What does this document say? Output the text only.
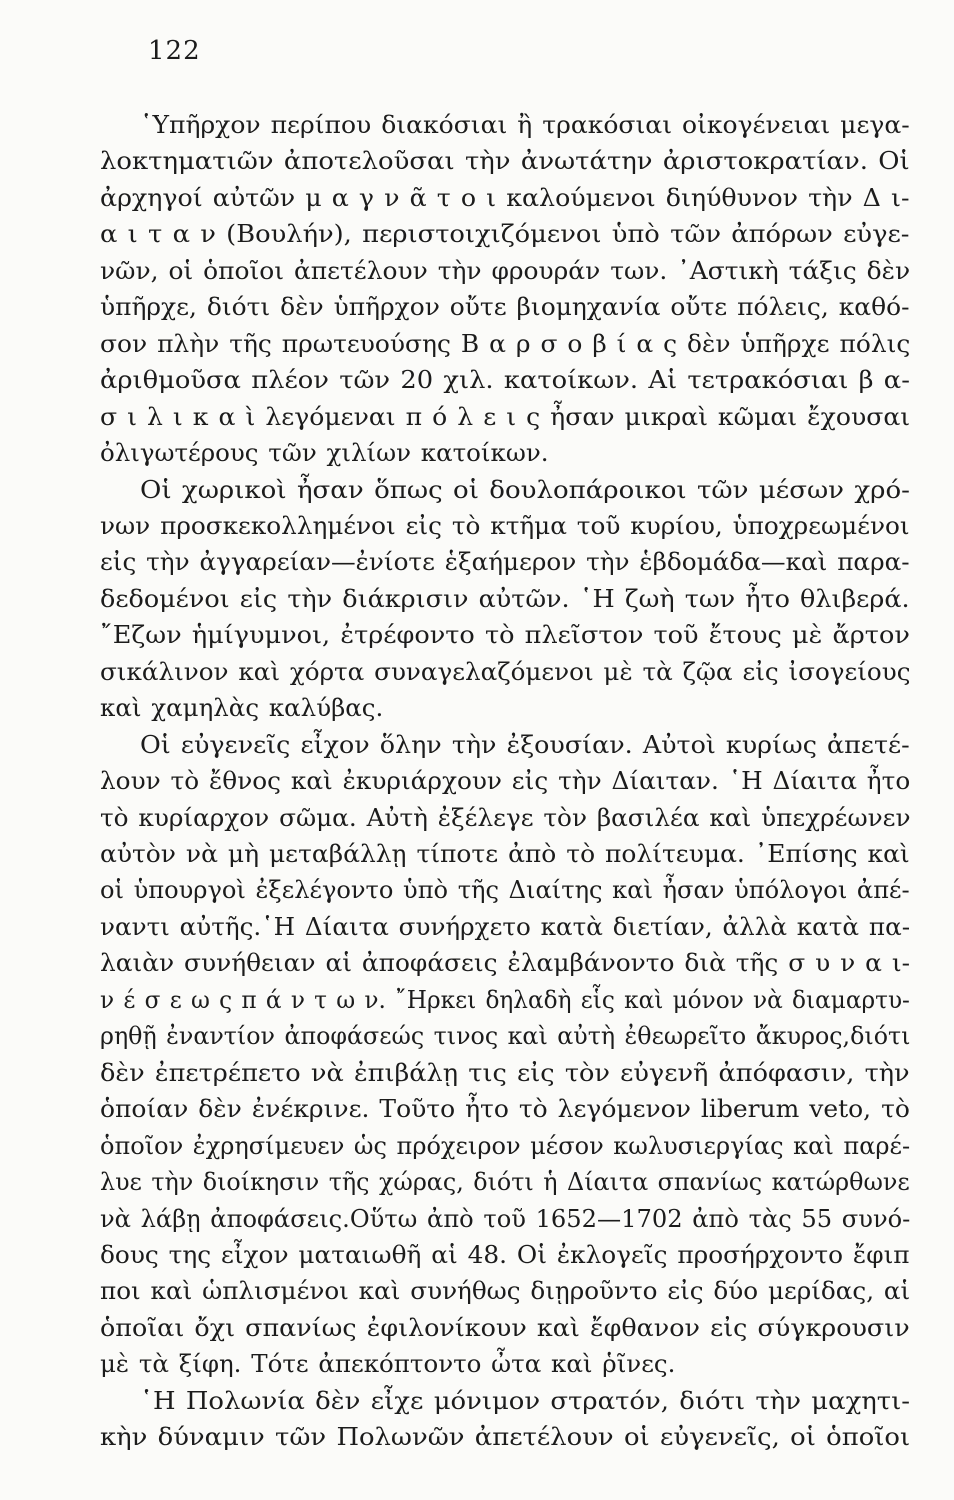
122
῾Υπῆρχον περίπου διακόσιαι ἢ τρακόσιαι οἰκογένειαι μεγα-
λοκτηματιῶν ἀποτελοῦσαι τὴν ἀνωτάτην ἀριστοκρατίαν. Οἱ
ἀρχηγοί αὐτῶν μ α γ ν ᾶ τ ο ι καλούμενοι διηύθυνον τὴν Δ ι-
α ι τ α ν (Βουλήν), περιστοιχιζόμενοι ὑπὸ τῶν ἀπόρων εὐγε-
νῶν, οἱ ὁποῖοι ἀπετέλουν τὴν φρουράν των. ᾿Αστικὴ τάξις δὲν
ὑπῆρχε, διότι δὲν ὑπῆρχον οὔτε βιομηχανία οὔτε πόλεις, καθό-
σον πλὴν τῆς πρωτευούσης Β α ρ σ ο β ί α ς δὲν ὑπῆρχε πόλις
ἀριθμοῦσα πλέον τῶν 20 χιλ. κατοίκων. Αἱ τετρακόσιαι β α-
σ ι λ ι κ α ὶ λεγόμεναι π ό λ ε ι ς ἦσαν μικραὶ κῶμαι ἔχουσαι
ὀλιγωτέρους τῶν χιλίων κατοίκων.
Οἱ χωρικοὶ ἦσαν ὅπως οἱ δουλοπάροικοι τῶν μέσων χρό-
νων προσκεκολλημένοι εἰς τὸ κτῆμα τοῦ κυρίου, ὑποχρεωμένοι
εἰς τὴν ἀγγαρείαν—ἐνίοτε ἑξαήμερον τὴν ἑβδομάδα—καὶ παρα-
δεδομένοι εἰς τὴν διάκρισιν αὐτῶν. ῾Η ζωὴ των ἦτο θλιβερά.
῎Εζων ἡμίγυμνοι, ἐτρέφοντο τὸ πλεῖστον τοῦ ἔτους μὲ ἄρτον
σικάλινον καὶ χόρτα συναγελαζόμενοι μὲ τὰ ζῷα εἰς ἰσογείους
καὶ χαμηλὰς καλύβας.
Οἱ εὐγενεῖς εἶχον ὅλην τὴν ἐξουσίαν. Αὐτοὶ κυρίως ἀπετέ-
λουν τὸ ἔθνος καὶ ἐκυριάρχουν εἰς τὴν Δίαιταν. ῾Η Δίαιτα ἦτο
τὸ κυρίαρχον σῶμα. Αὐτὴ ἐξέλεγε τὸν βασιλέα καὶ ὑπεχρέωνεν
αὐτὸν νὰ μὴ μεταβάλλῃ τίποτε ἀπὸ τὸ πολίτευμα. ᾿Επίσης καὶ
οἱ ὑπουργοὶ ἐξελέγοντο ὑπὸ τῆς Διαίτης καὶ ἦσαν ὑπόλογοι ἀπέ-
ναντι αὐτῆς.῾Η Δίαιτα συνήρχετο κατὰ διετίαν, ἀλλὰ κατὰ πα-
λαιὰν συνήθειαν αἱ ἀποφάσεις ἐλαμβάνοντο διὰ τῆς σ υ ν α ι-
ν έ σ ε ω ς π ά ν τ ω ν. ῎Ηρκει δηλαδὴ εἷς καὶ μόνον νὰ διαμαρτυ-
ρηθῇ ἐναντίον ἀποφάσεώς τινος καὶ αὐτὴ ἐθεωρεῖτο ἄκυρος,διότι
δὲν ἐπετρέπετο νὰ ἐπιβάλῃ τις εἰς τὸν εὐγενῆ ἀπόφασιν, τὴν
ὁποίαν δὲν ἐνέκρινε. Τοῦτο ἦτο τὸ λεγόμενον liberum veto, τὸ
ὁποῖον ἐχρησίμευεν ὡς πρόχειρον μέσον κωλυσιεργίας καὶ παρέ-
λυε τὴν διοίκησιν τῆς χώρας, διότι ἡ Δίαιτα σπανίως κατώρθωνε
νὰ λάβῃ ἀποφάσεις.Οὕτω ἀπὸ τοῦ 1652—1702 ἀπὸ τὰς 55 συνό-
δους της εἶχον ματαιωθῆ αἱ 48. Οἱ ἐκλογεῖς προσήρχοντο ἔφιπ
ποι καὶ ὡπλισμένοι καὶ συνήθως διῃροῦντο εἰς δύο μερίδας, αἱ
ὁποῖαι ὄχι σπανίως ἐφιλονίκουν καὶ ἔφθανον εἰς σύγκρουσιν
μὲ τὰ ξίφη. Τότε ἀπεκόπτοντο ὦτα καὶ ῥῖνες.
῾Η Πολωνία δὲν εἶχε μόνιμον στρατόν, διότι τὴν μαχητι-
κὴν δύναμιν τῶν Πολωνῶν ἀπετέλουν οἱ εὐγενεῖς, οἱ ὁποῖοι
